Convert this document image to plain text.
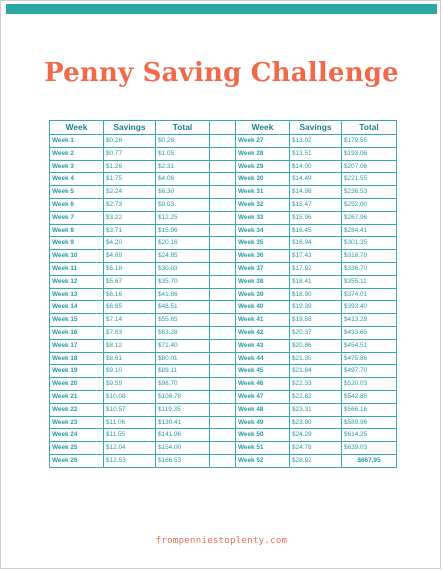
Penny Saving Challenge
Week	Savings	Total		Week	Savings	Total
Week 1	$0.28	$0.28		Week 27	$13.02	$179.55
Week 2	$0.77	$1.05		Week 28	$13.51	$193.06
Week 3	$1.26	$2.31		Week 29	$14.00	$207.06
Week 4	$1.75	$4.06		Week 30	$14.49	$221.55
Week 5	$2.24	$6.30		Week 31	$14.98	$236.53
Week 6	$2.73	$9.03		Week 32	$15.47	$252.00
Week 7	$3.22	$12.25		Week 33	$15.96	$267.96
Week 8	$3.71	$15.96		Week 34	$16.45	$284.41
Week 9	$4.20	$20.16		Week 35	$16.94	$301.35
Week 10	$4.69	$24.85		Week 36	$17.43	$318.78
Week 11	$5.18	$30.03		Week 37	$17.92	$336.70
Week 12	$5.67	$35.70		Week 38	$18.41	$355.11
Week 13	$6.16	$41.86		Week 39	$18.90	$374.01
Week 14	$6.65	$48.51		Week 40	$19.39	$393.40
Week 15	$7.14	$55.65		Week 41	$19.88	$413.28
Week 16	$7.63	$63.28		Week 42	$20.37	$433.65
Week 17	$8.12	$71.40		Week 43	$20.86	$454.51
Week 18	$8.61	$80.01		Week 44	$21.35	$475.86
Week 19	$9.10	$89.11		Week 45	$21.84	$497.70
Week 20	$9.59	$98.70		Week 46	$22.33	$520.03
Week 21	$10.08	$108.78		Week 47	$22.82	$542.85
Week 22	$10.57	$119.35		Week 48	$23.31	$566.16
Week 23	$11.06	$130.41		Week 49	$23.80	$589.96
Week 24	$11.55	$141.96		Week 50	$24.29	$614.25
Week 25	$12.04	$154.00		Week 51	$24.78	$639.03
Week 26	$12.53	$166.53		Week 52	$28.92	$667.95
frompenniestoplenty.com
